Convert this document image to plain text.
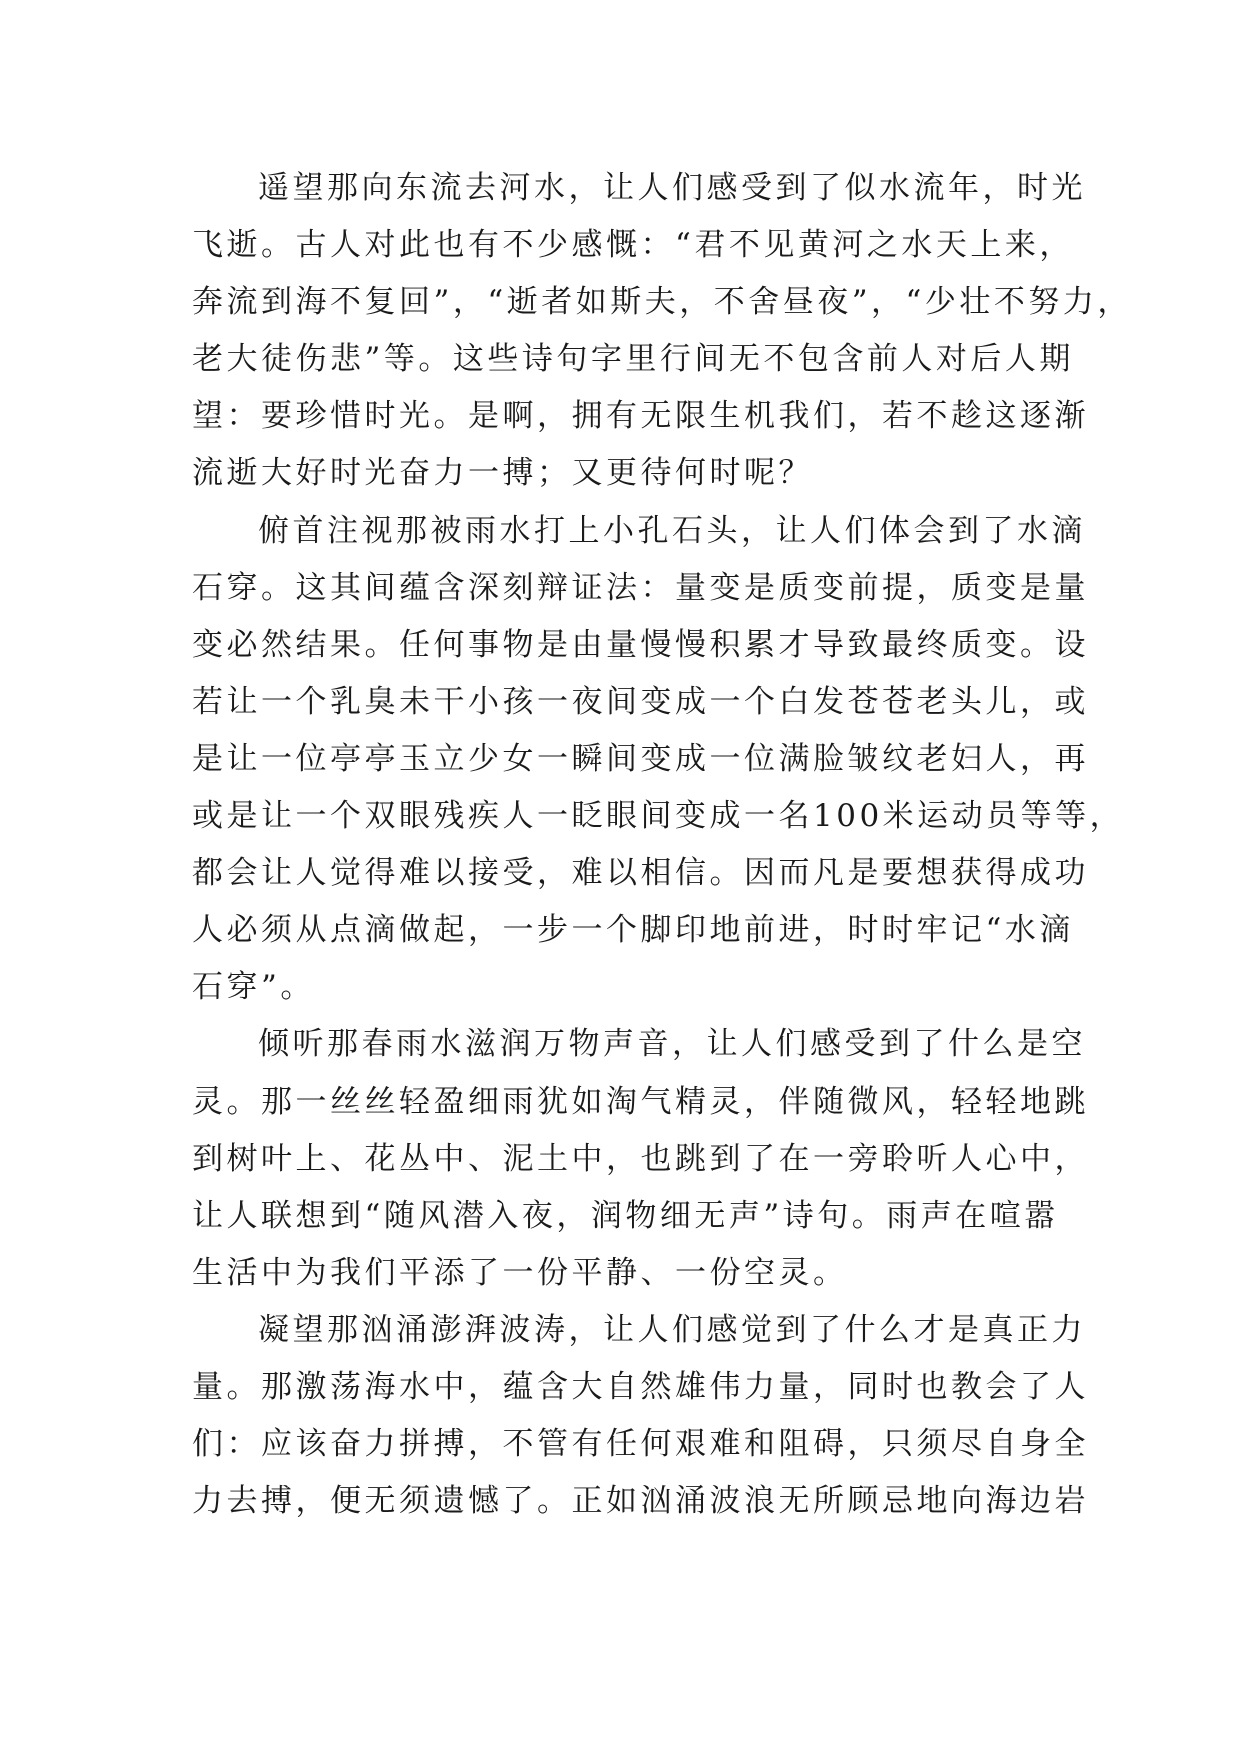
遥望那向东流去河水，让人们感受到了似水流年，时光
飞逝。古人对此也有不少感慨：“君不见黄河之水天上来，
奔流到海不复回”，“逝者如斯夫，不舍昼夜”，“少壮不努力，
老大徒伤悲”等。这些诗句字里行间无不包含前人对后人期
望：要珍惜时光。是啊，拥有无限生机我们，若不趁这逐渐
流逝大好时光奋力一搏；又更待何时呢？
俯首注视那被雨水打上小孔石头，让人们体会到了水滴
石穿。这其间蕴含深刻辩证法：量变是质变前提，质变是量
变必然结果。任何事物是由量慢慢积累才导致最终质变。设
若让一个乳臭未干小孩一夜间变成一个白发苍苍老头儿，或
是让一位亭亭玉立少女一瞬间变成一位满脸皱纹老妇人，再
或是让一个双眼残疾人一眨眼间变成一名100米运动员等等，
都会让人觉得难以接受，难以相信。因而凡是要想获得成功
人必须从点滴做起，一步一个脚印地前进，时时牢记“水滴
石穿”。
倾听那春雨水滋润万物声音，让人们感受到了什么是空
灵。那一丝丝轻盈细雨犹如淘气精灵，伴随微风，轻轻地跳
到树叶上、花丛中、泥土中，也跳到了在一旁聆听人心中，
让人联想到“随风潜入夜，润物细无声”诗句。雨声在喧嚣
生活中为我们平添了一份平静、一份空灵。
凝望那汹涌澎湃波涛，让人们感觉到了什么才是真正力
量。那激荡海水中，蕴含大自然雄伟力量，同时也教会了人
们：应该奋力拼搏，不管有任何艰难和阻碍，只须尽自身全
力去搏，便无须遗憾了。正如汹涌波浪无所顾忌地向海边岩
